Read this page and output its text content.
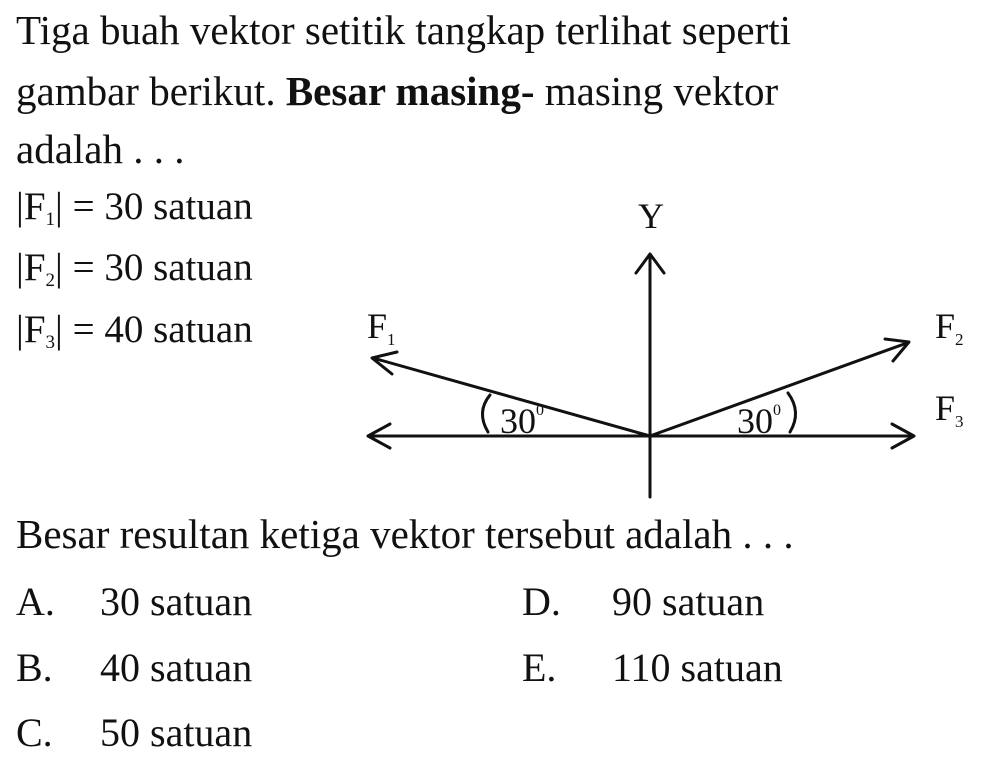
Tiga buah vektor setitik tangkap terlihat seperti
gambar berikut. Besar masing- masing vektor
adalah . . .
$|F_1| = 30$ satuan
$|F_2| = 30$ satuan
$|F_3| = 40$ satuan
Y
F1	F2
F3
$30^0$	$30^0$
Besar resultan ketiga vektor tersebut adalah . . .
A. 30 satuan
B. 40 satuan
C. 50 satuan
D. 90 satuan
E. 110 satuan
